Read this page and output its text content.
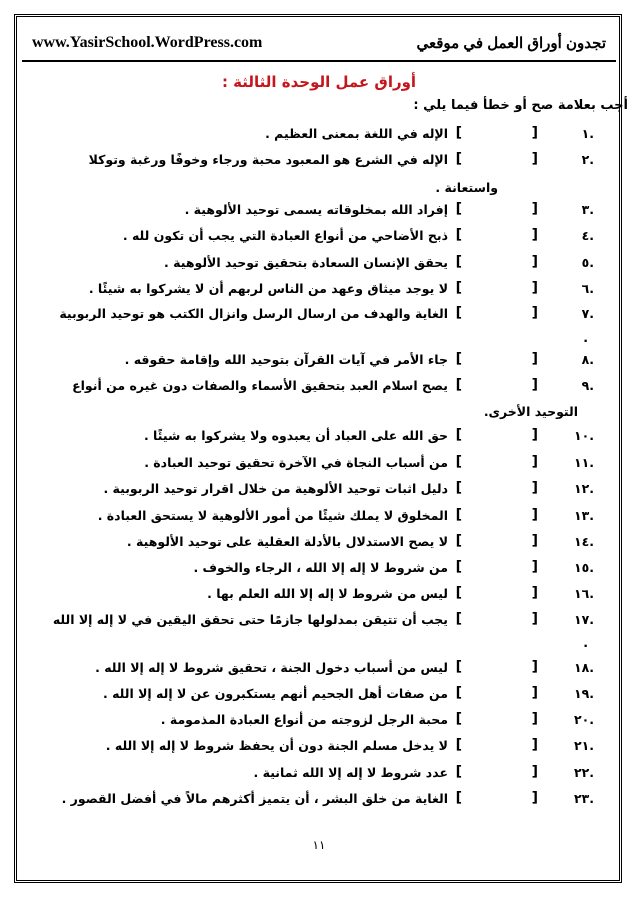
www.YasirSchool.WordPress.com	تجدون أوراق العمل في موقعي
أوراق عمل الوحدة الثالثة :
أجب بعلامة صح أو خطأ فيما يلي :
.١
[
]
الإله في اللغة بمعنى العظيم .
.٢
[
]
الإله في الشرع هو المعبود محبة ورجاء وخوفًا ورغبة وتوكلا
.٣
[
]
إفراد الله بمخلوقاته يسمى توحيد الألوهية .
.٤
[
]
ذبح الأضاحي من أنواع العبادة التي يجب أن تكون لله .
.٥
[
]
يحقق الإنسان السعادة بتحقيق توحيد الألوهية .
.٦
[
]
لا يوجد ميثاق وعهد من الناس لربهم أن لا يشركوا به شيئًا .
.٧
[
]
الغاية والهدف من ارسال الرسل وانزال الكتب هو توحيد الربوبية
.٨
[
]
جاء الأمر في آيات القرآن بتوحيد الله وإقامة حقوقه .
.٩
[
]
يصح اسلام العبد بتحقيق الأسماء والصفات دون غيره من أنواع
.١٠
[
]
حق الله على العباد أن يعبدوه ولا يشركوا به شيئًا .
.١١
[
]
من أسباب النجاة في الآخرة تحقيق توحيد العبادة .
.١٢
[
]
دليل اثبات توحيد الألوهية من خلال اقرار توحيد الربوبية .
.١٣
[
]
المخلوق لا يملك شيئًا من أمور الألوهية لا يستحق العبادة .
.١٤
[
]
لا يصح الاستدلال بالأدلة العقلية على توحيد الألوهية .
.١٥
[
]
من شروط لا إله إلا الله ، الرجاء والخوف .
.١٦
[
]
ليس من شروط لا إله إلا الله العلم بها .
.١٧
[
]
يجب أن تتيقن بمدلولها جازمًا حتى تحقق اليقين في لا إله إلا الله
.١٨
[
]
ليس من أسباب دخول الجنة ، تحقيق شروط لا إله إلا الله .
.١٩
[
]
من صفات أهل الجحيم أنهم يستكبرون عن لا إله إلا الله .
.٢٠
[
]
محبة الرجل لزوجته من أنواع العبادة المذمومة .
.٢١
[
]
لا يدخل مسلم الجنة دون أن يحفظ شروط لا إله إلا الله .
.٢٢
[
]
عدد شروط لا إله إلا الله ثمانية .
.٢٣
[
]
الغاية من خلق البشر ، أن يتميز أكثرهم مالاً في أفضل القصور .
واستعانة .
.
التوحيد الأخرى.
.
١١
